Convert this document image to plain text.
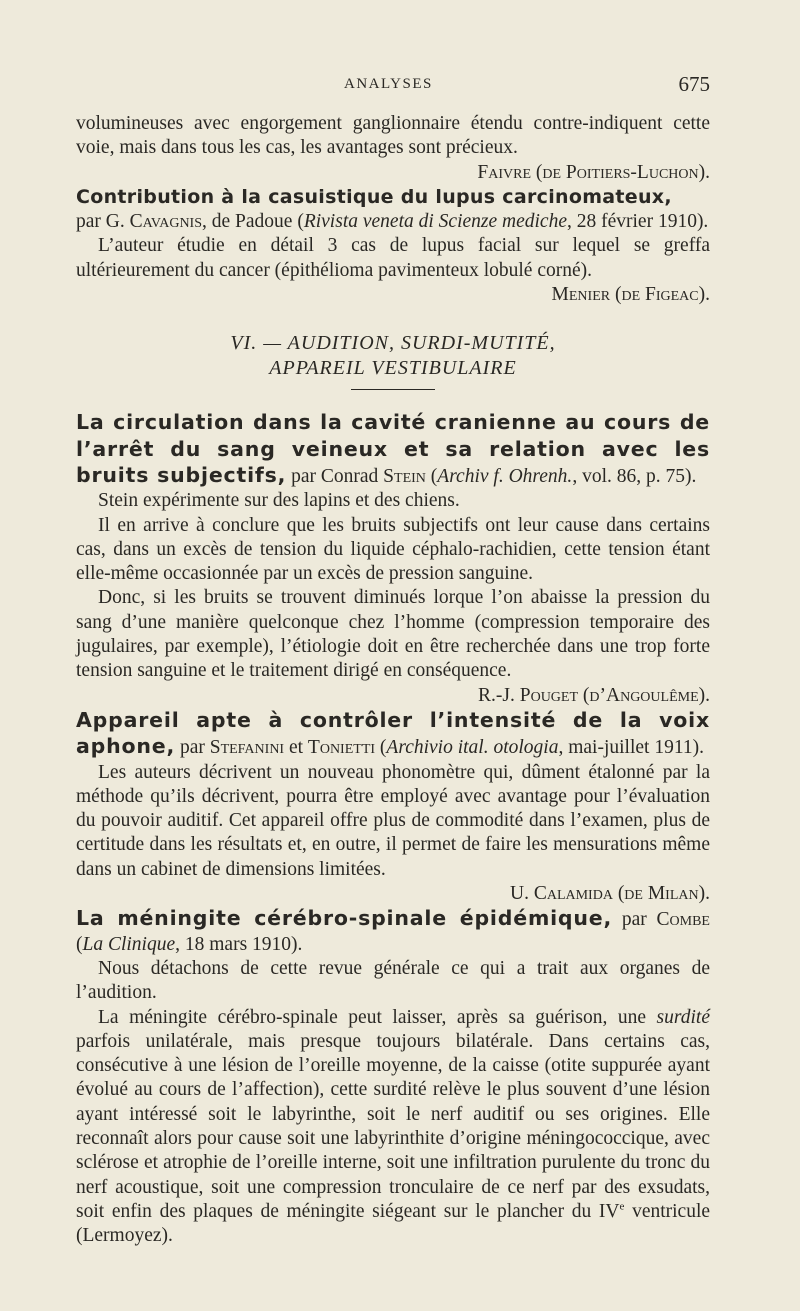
ANALYSES	675

volumineuses avec engorgement ganglionnaire étendu contre-indiquent cette voie, mais dans tous les cas, les avantages sont précieux.

Faivre (de Poitiers-Luchon).

Contribution à la casuistique du lupus carcinomateux,

par G. Cavagnis, de Padoue (Rivista veneta di Scienze mediche, 28 février 1910).

L’auteur étudie en détail 3 cas de lupus facial sur lequel se greffa ultérieurement du cancer (épithélioma pavimenteux lobulé corné).

Menier (de Figeac).

VI. — AUDITION, SURDI-MUTITÉ,
APPAREIL VESTIBULAIRE

La circulation dans la cavité cranienne au cours de l’arrêt du sang veineux et sa relation avec les bruits subjectifs, par Conrad Stein (Archiv f. Ohrenh., vol. 86, p. 75).

Stein expérimente sur des lapins et des chiens.

Il en arrive à conclure que les bruits subjectifs ont leur cause dans certains cas, dans un excès de tension du liquide céphalo-rachidien, cette tension étant elle-même occasionnée par un excès de pression sanguine.

Donc, si les bruits se trouvent diminués lorque l’on abaisse la pression du sang d’une manière quelconque chez l’homme (compression temporaire des jugulaires, par exemple), l’étiologie doit en être recherchée dans une trop forte tension sanguine et le traitement dirigé en conséquence.

R.-J. Pouget (d’Angoulême).

Appareil apte à contrôler l’intensité de la voix aphone, par Stefanini et Tonietti (Archivio ital. otologia, mai-juillet 1911).

Les auteurs décrivent un nouveau phonomètre qui, dûment étalonné par la méthode qu’ils décrivent, pourra être employé avec avantage pour l’évaluation du pouvoir auditif. Cet appareil offre plus de commodité dans l’examen, plus de certitude dans les résultats et, en outre, il permet de faire les mensurations même dans un cabinet de dimensions limitées.

U. Calamida (de Milan).

La méningite cérébro-spinale épidémique, par Combe (La Clinique, 18 mars 1910).

Nous détachons de cette revue générale ce qui a trait aux organes de l’audition.

La méningite cérébro-spinale peut laisser, après sa guérison, une surdité parfois unilatérale, mais presque toujours bilatérale. Dans certains cas, consécutive à une lésion de l’oreille moyenne, de la caisse (otite suppurée ayant évolué au cours de l’affection), cette surdité relève le plus souvent d’une lésion ayant intéressé soit le labyrinthe, soit le nerf auditif ou ses origines. Elle reconnaît alors pour cause soit une labyrinthite d’origine méningococcique, avec sclérose et atrophie de l’oreille interne, soit une infiltration purulente du tronc du nerf acoustique, soit une compression tronculaire de ce nerf par des exsudats, soit enfin des plaques de méningite siégeant sur le plancher du IVe ventricule (Lermoyez).
